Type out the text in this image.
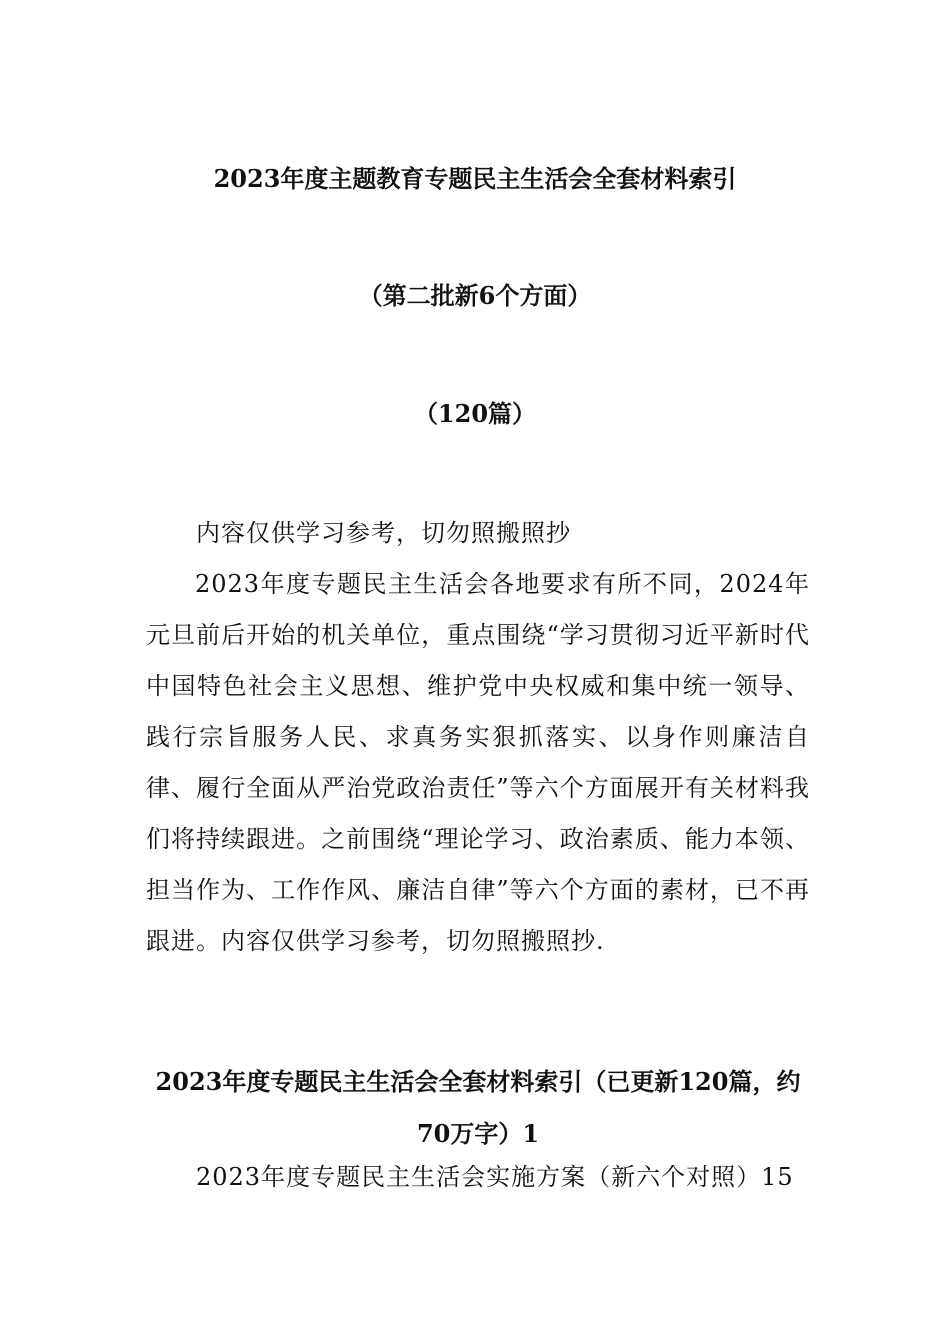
2023年度主题教育专题民主生活会全套材料索引
（第二批新6个方面）
（120篇）
内容仅供学习参考，切勿照搬照抄
2023年度专题民主生活会各地要求有所不同，2024年元旦前后开始的机关单位，重点围绕“学习贯彻习近平新时代中国特色社会主义思想、维护党中央权威和集中统一领导、践行宗旨服务人民、求真务实狠抓落实、以身作则廉洁自律、履行全面从严治党政治责任”等六个方面展开有关材料我们将持续跟进。之前围绕“理论学习、政治素质、能力本领、担当作为、工作作风、廉洁自律”等六个方面的素材，已不再跟进。内容仅供学习参考，切勿照搬照抄.
2023年度专题民主生活会全套材料索引（已更新120篇，约70万字）1
2023年度专题民主生活会实施方案（新六个对照）15
